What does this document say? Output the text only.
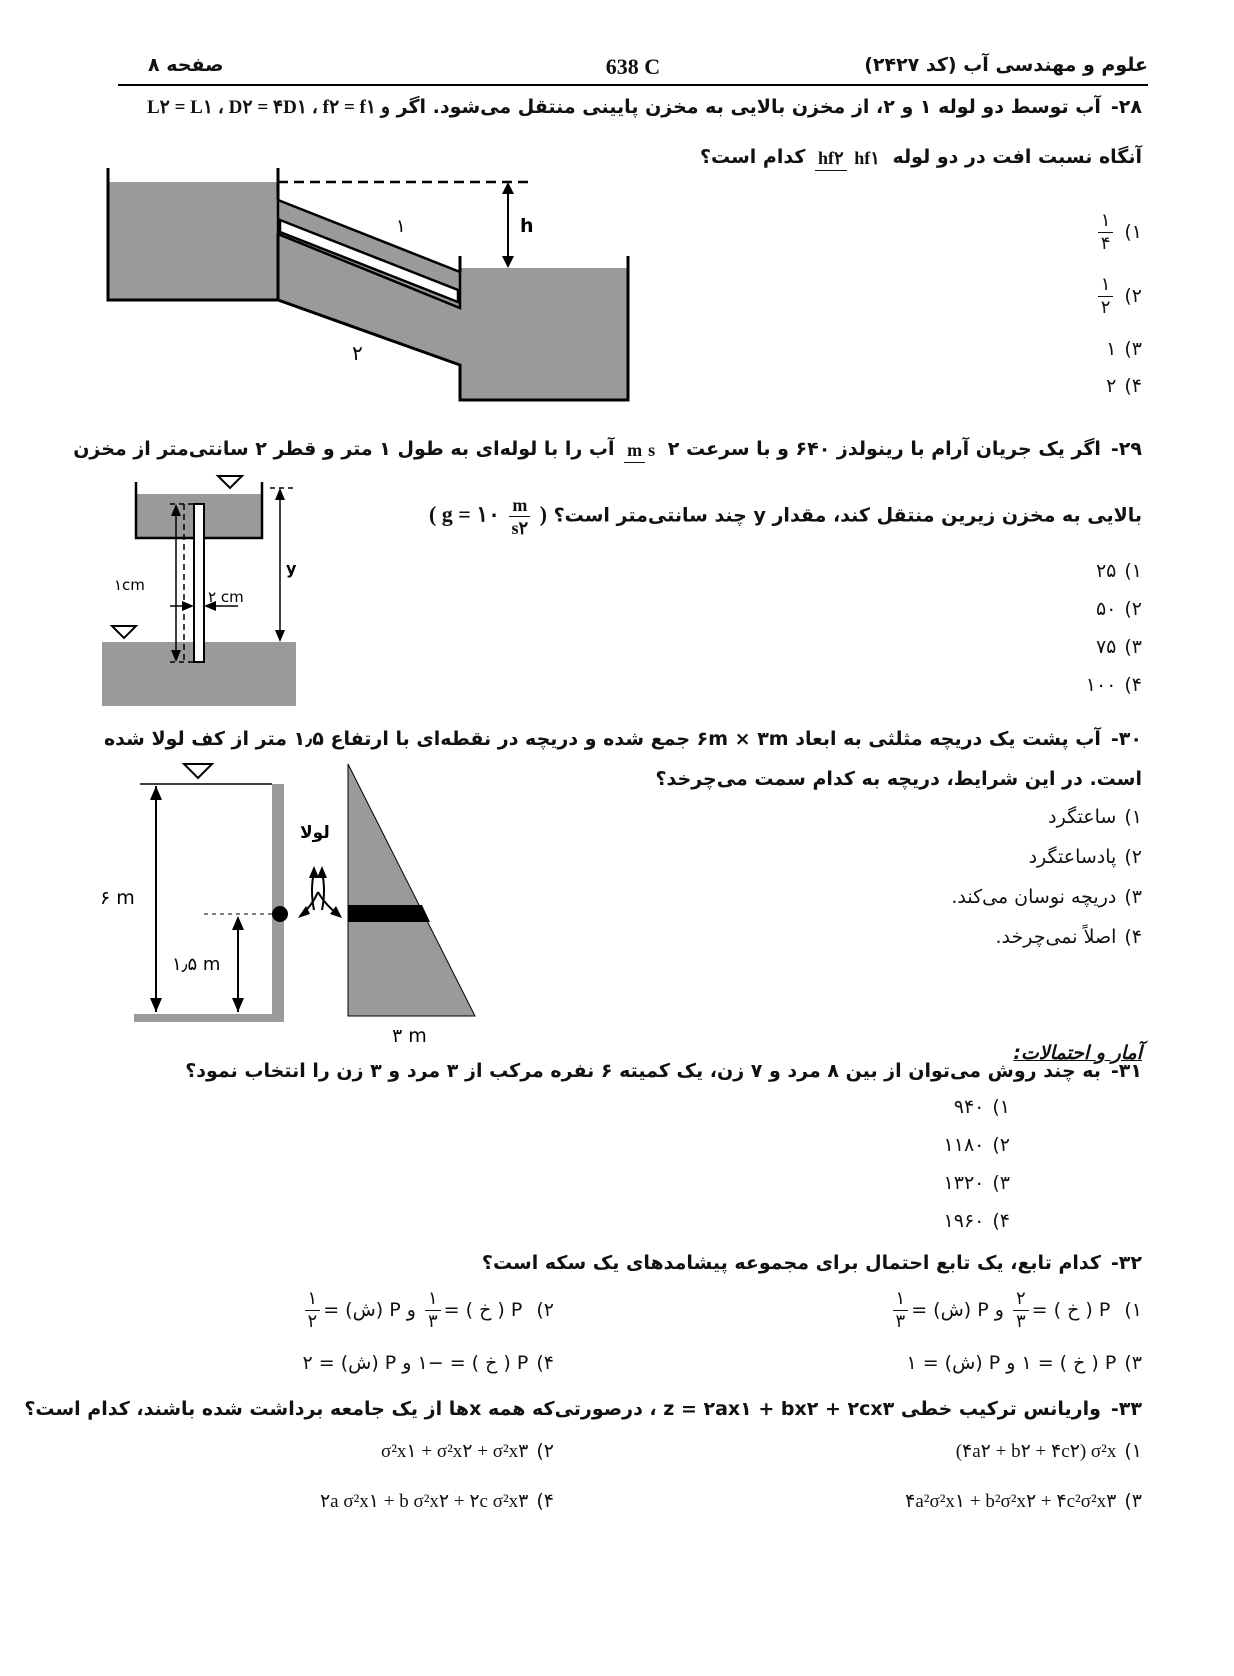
علوم و مهندسی آب (کد ۲۴۲۷)
638 C
صفحه ۸
۲۸-آب توسط دو لوله ۱ و ۲، از مخزن بالایی به مخزن پایینی منتقل می‌شود. اگر L۲ = L۱ ، D۲ = ۴D۱ ، f۲ = f۱ و
آنگاه نسبت افت در دو لوله hf۲ hf۱ کدام است؟
۱)
$\frac{۱}{۴}$
۲)
$\frac{۱}{۲}$
۳)۱
۴)۲
h
۱
۲
۲۹-اگر یک جریان آرام با رینولدز ۶۴۰ و با سرعت ۲ m s آب را با لوله‌ای به طول ۱ متر و قطر ۲ سانتی‌متر از مخزن
بالایی به مخزن زیرین منتقل کند، مقدار y چند سانتی‌متر است؟ ( g = ۱۰ $\frac{m}{s۲}$ )
۱)۲۵
۲)۵۰
۳)۷۵
۴)۱۰۰
۱cm
۲ cm
y
۳۰-آب پشت یک دریچه مثلثی به ابعاد ۶m × ۳m جمع شده و دریچه در نقطه‌ای با ارتفاع ۱٫۵ متر از کف لولا شده
است. در این شرایط، دریچه به کدام سمت می‌چرخد؟
۱)ساعتگرد
۲)پادساعتگرد
۳)دریچه نوسان می‌کند.
۴)اصلاً نمی‌چرخد.
۶ m
۱٫۵ m
لولا
۳ m
آمار و احتمالات:
۳۱-به چند روش می‌توان از بین ۸ مرد و ۷ زن، یک کمیته ۶ نفره مرکب از ۳ مرد و ۳ زن را انتخاب نمود؟
۱)۹۴۰
۲)۱۱۸۰
۳)۱۳۲۰
۴)۱۹۶۰
۳۲-کدام تابع، یک تابع احتمال برای مجموعه پیشامدهای یک سکه است؟
۱) P ( خ ) =
$\frac{۲}{۳}$
و P (ش) =
$\frac{۱}{۳}$
۲) P ( خ ) =
$\frac{۱}{۳}$
و P (ش) =
$\frac{۱}{۲}$
۳)P ( خ ) = ۱ و P (ش) = ۱
۴)P ( خ ) = −۱ و P (ش) = ۲
۳۳-واریانس ترکیب خطی z = ۲ax۱ + bx۲ + ۲cx۳ ، درصورتی‌که همه xها از یک جامعه برداشت شده باشند، کدام است؟
۱)(۴a۲ + b۲ + ۴c۲) σ²x
۲)σ²x۱ + σ²x۲ + σ²x۳
۳)۴a²σ²x۱ + b²σ²x۲ + ۴c²σ²x۳
۴)۲a σ²x۱ + b σ²x۲ + ۲c σ²x۳
